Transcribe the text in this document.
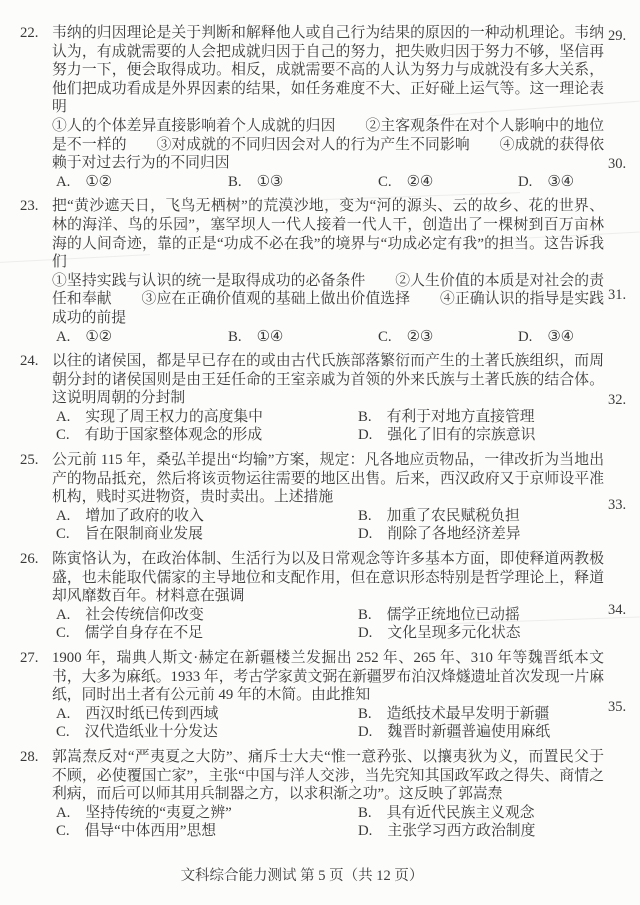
22. 韦纳的归因理论是关于判断和解释他人或自己行为结果的原因的一种动机理论。韦纳认为，有成就需要的人会把成就归因于自己的努力，把失败归因于努力不够，坚信再努力一下，便会取得成功。相反，成就需要不高的人认为努力与成就没有多大关系，他们把成功看成是外界因素的结果，如任务难度不大、正好碰上运气等。这一理论表明

①人的个体差异直接影响着个人成就的归因　　②主客观条件在对个人影响中的地位是不一样的　　③对成就的不同归因会对人的行为产生不同影响　　④成就的获得依赖于对过去行为的不同归因

A. ①②	B. ①③	C. ②④	D. ③④
23. 把“黄沙遮天日，飞鸟无栖树”的荒漠沙地，变为“河的源头、云的故乡、花的世界、林的海洋、鸟的乐园”，塞罕坝人一代人接着一代人干，创造出了一棵树到百万亩林海的人间奇迹，靠的正是“功成不必在我”的境界与“功成必定有我”的担当。这告诉我们

①坚持实践与认识的统一是取得成功的必备条件　　②人生价值的本质是对社会的责任和奉献　　③应在正确价值观的基础上做出价值选择　　④正确认识的指导是实践成功的前提

A. ①②	B. ①④	C. ②③	D. ③④
24. 以往的诸侯国，都是早已存在的或由古代氏族部落繁衍而产生的土著氏族组织，而周朝分封的诸侯国则是由王廷任命的王室亲戚为首领的外来氏族与土著氏族的结合体。这说明周朝的分封制

A. 实现了周王权力的高度集中	B. 有利于对地方直接管理
C. 有助于国家整体观念的形成	D. 强化了旧有的宗族意识
25. 公元前 115 年，桑弘羊提出“均输”方案，规定：凡各地应贡物品，一律改折为当地出产的物品抵充，然后将该贡物运往需要的地区出售。后来，西汉政府又于京师设平准机构，贱时买进物资，贵时卖出。上述措施

A. 增加了政府的收入	B. 加重了农民赋税负担
C. 旨在限制商业发展	D. 削除了各地经济差异
26. 陈寅恪认为，在政治体制、生活行为以及日常观念等许多基本方面，即使释道两教极盛，也未能取代儒家的主导地位和支配作用，但在意识形态特别是哲学理论上，释道却风靡数百年。材料意在强调

A. 社会传统信仰改变	B. 儒学正统地位已动摇
C. 儒学自身存在不足	D. 文化呈现多元化状态
27. 1900 年，瑞典人斯文·赫定在新疆楼兰发掘出 252 年、265 年、310 年等魏晋纸本文书，大多为麻纸。1933 年，考古学家黄文弼在新疆罗布泊汉烽燧遗址首次发现一片麻纸，同时出土者有公元前 49 年的木简。由此推知

A. 西汉时纸已传到西域	B. 造纸技术最早发明于新疆
C. 汉代造纸业十分发达	D. 魏晋时新疆普遍使用麻纸
28. 郭嵩焘反对“严夷夏之大防”、痛斥士大夫“惟一意矜张、以攘夷狄为义，而置民父于不顾，必使覆国亡家”，主张“中国与洋人交涉，当先究知其国政军政之得失、商情之利病，而后可以师其用兵制器之方，以求积渐之功”。这反映了郭嵩焘

A. 坚持传统的“夷夏之辨”	B. 具有近代民族主义观念
C. 倡导“中体西用”思想	D. 主张学习西方政治制度
29.
30.
31.
32.
33.
34.
35.
文科综合能力测试 第 5 页（共 12 页）
